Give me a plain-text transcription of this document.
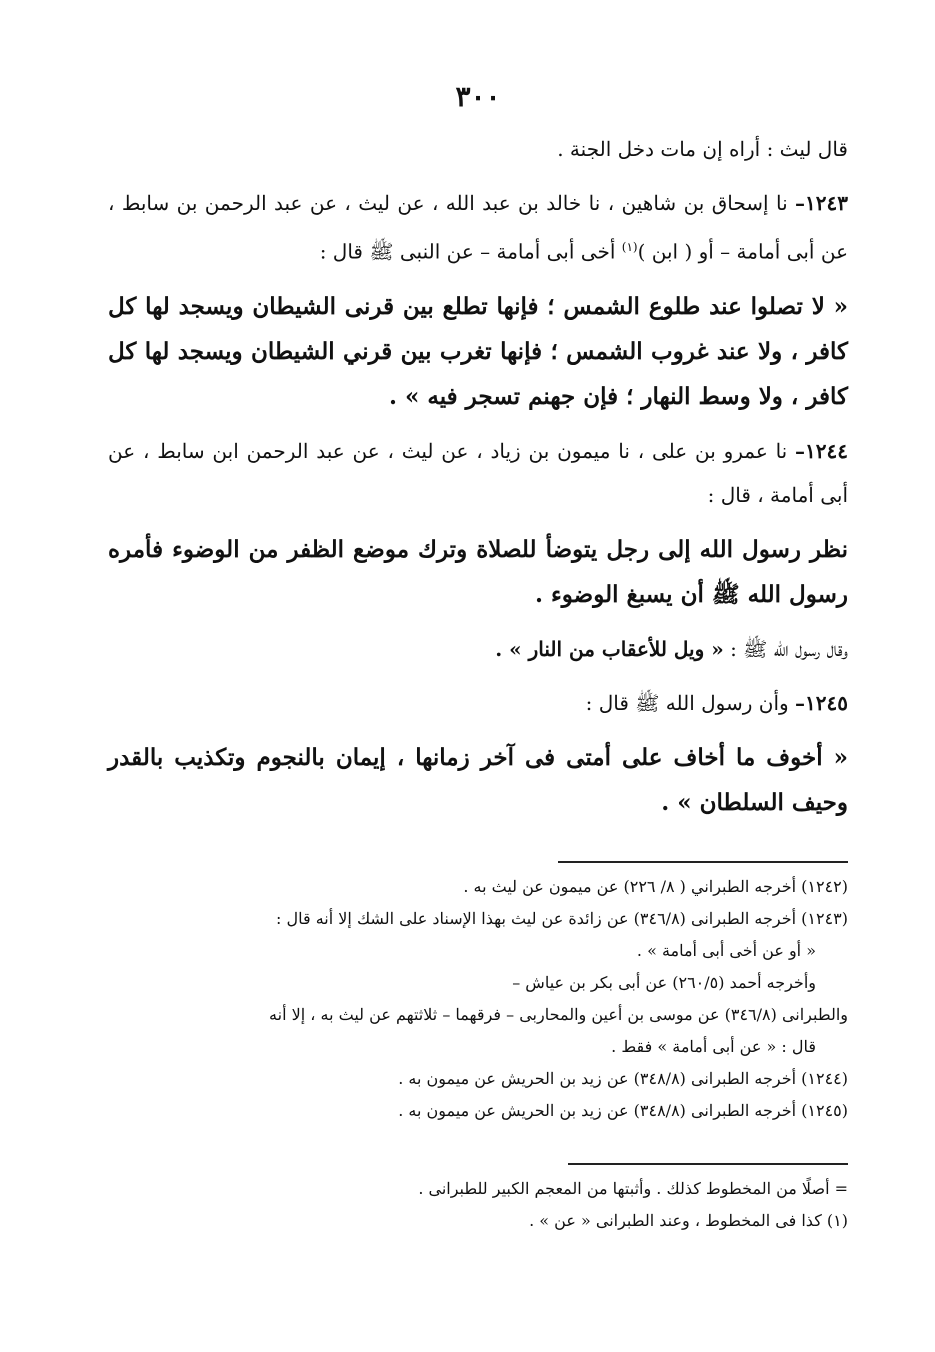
٣٠٠

قال ليث : أراه إن مات دخل الجنة .

١٢٤٣– نا إسحاق بن شاهين ، نا خالد بن عبد الله ، عن ليث ، عن عبد الرحمن بن سابط ، عن أبى أمامة – أو ( ابن )$^{(١)}$ أخى أبى أمامة – عن النبى ﷺ قال :

« لا تصلوا عند طلوع الشمس ؛ فإنها تطلع بين قرنى الشيطان ويسجد لها كل كافر ، ولا عند غروب الشمس ؛ فإنها تغرب بين قرني الشيطان ويسجد لها كل كافر ، ولا وسط النهار ؛ فإن جهنم تسجر فيه » .

١٢٤٤– نا عمرو بن على ، نا ميمون بن زياد ، عن ليث ، عن عبد الرحمن ابن سابط ، عن أبى أمامة ، قال :

نظر رسول الله إلى رجل يتوضأ للصلاة وترك موضع الظفر من الوضوء فأمره رسول الله ﷺ أن يسبغ الوضوء .

وقال رسول الله ﷺ : « ويل للأعقاب من النار » .

١٢٤٥– وأن رسول الله ﷺ قال :

« أخوف ما أخاف على أمتى فى آخر زمانها ، إيمان بالنجوم وتكذيب بالقدر وحيف السلطان » .

(١٢٤٢) أخرجه الطبراني ( ٨/ ٢٢٦) عن ميمون عن ليث به .

(١٢٤٣) أخرجه الطبرانى (٣٤٦/٨) عن زائدة عن ليث بهذا الإسناد على الشك إلا أنه قال :

« أو عن أخى أبى أمامة » .

وأخرجه أحمد (٢٦٠/٥) عن أبى بكر بن عياش –

والطبرانى (٣٤٦/٨) عن موسى بن أعين والمحاربى – فرقهما – ثلاثتهم عن ليث به ، إلا أنه

قال : « عن أبى أمامة » فقط .

(١٢٤٤) أخرجه الطبرانى (٣٤٨/٨) عن زيد بن الحريش عن ميمون به .

(١٢٤٥) أخرجه الطبرانى (٣٤٨/٨) عن زيد بن الحريش عن ميمون به .

= أصلًا من المخطوط كذلك . وأثبتها من المعجم الكبير للطبرانى .

(١) كذا فى المخطوط ، وعند الطبرانى « عن » .
